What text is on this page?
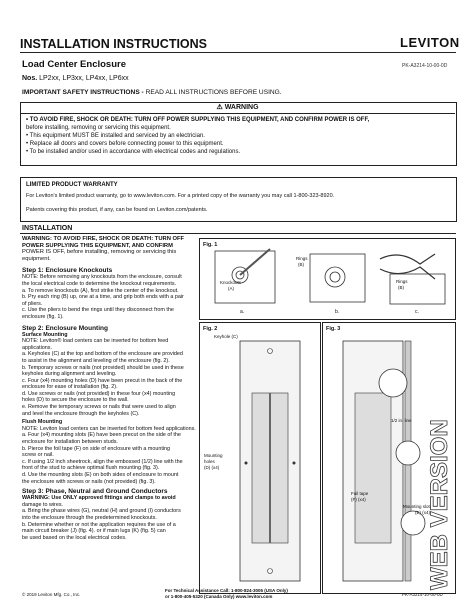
INSTALLATION INSTRUCTIONS	LEVITON
Load Center Enclosure	PK-A3214-10-00-0D
Nos. LP2xx, LP3xx, LP4xx, LP6xx
IMPORTANT SAFETY INSTRUCTIONS - READ ALL INSTRUCTIONS BEFORE USING.
⚠ WARNING
• TO AVOID FIRE, SHOCK OR DEATH: TURN OFF POWER SUPPLYING THIS EQUIPMENT, AND CONFIRM POWER IS OFF,
before installing, removing or servicing this equipment.
• This equipment MUST BE installed and serviced by an electrician.
• Replace all doors and covers before connecting power to this equipment.
• To be installed and/or used in accordance with electrical codes and regulations.
LIMITED PRODUCT WARRANTY
For Leviton's limited product warranty, go to www.leviton.com. For a printed copy of the warranty you may call 1-800-323-8920.
Patents covering this product, if any, can be found on Leviton.com/patents.
INSTALLATION
WARNING: TO AVOID FIRE, SHOCK OR DEATH: TURN OFF
POWER SUPPLYING THIS EQUIPMENT, AND CONFIRM
POWER IS OFF, before installing, removing or servicing this
equipment.
Step 1: Enclosure Knockouts
NOTE: Before removing any knockouts from the enclosure, consult
the local electrical code to determine the knockout requirements.
a. To remove knockouts (A), first strike the center of the knockout.
b. Pry each ring (B) up, one at a time, and grip both ends with a pair
of pliers.
c. Use the pliers to bend the rings until they disconnect from the
enclosure (fig. 1).
Step 2: Enclosure Mounting
Surface Mounting
NOTE: Leviton® load centers can be inverted for bottom feed
applications.
a. Keyholes (C) at the top and bottom of the enclosure are provided
to assist in the alignment and leveling of the enclosure (fig. 2).
b. Temporary screws or nails (not provided) should be used in these
keyholes during alignment and leveling.
c. Four (x4) mounting holes (D) have been precut in the back of the
enclosure for ease of installation (fig. 2).
d. Use screws or nails (not provided) in these four (x4) mounting
holes (D) to secure the enclosure to the wall.
e. Remove the temporary screws or nails that were used to align
and level the enclosure through the keyholes (C).
Flush Mounting
NOTE: Leviton load centers can be inverted for bottom feed applications.
a. Four (x4) mounting slots (E) have been precut on the side of the
enclosure for installation between studs.
b. Pierce the foil tape (F) on side of enclosure with a mounting
screw or nail.
c. If using 1/2 inch sheetrock, align the embossed (1/2) line with the
front of the stud to achieve optimal flush mounting (fig. 3).
d. Use the mounting slots (E) on both sides of enclosure to mount
the enclosure with screws or nails (not provided) (fig. 3).
Step 3: Phase, Neutral and Ground Conductors
WARNING: Use ONLY approved fittings and clamps to avoid
damage to wires.
a. Bring the phase wires (G), neutral (H) and ground (I) conductors
into the enclosure through the predetermined knockouts.
b. Determine whether or not the application requires the use of a
main circuit breaker (J) (fig. 4). or if main lugs (K) (fig. 5) can
be used based on the local electrical codes.
Fig. 1
Knockouts
(A)
Rings
(B)
Rings
(B)
a.	b.	c.
Fig. 2
Keyhole (C)
Mounting
holes
(D) (x4)
Fig. 3
1/2 in. line
Foil tape
(F) (x4)
Mounting slots
(E) (x4)
WEB VERSION
© 2019 Leviton Mfg. Co., Inc.
For Technical Assistance Call: 1-800-824-3005 (USA Only)
or 1-800-405-5320 (Canada Only) www.leviton.com	PK-A3214-10-00-0D
